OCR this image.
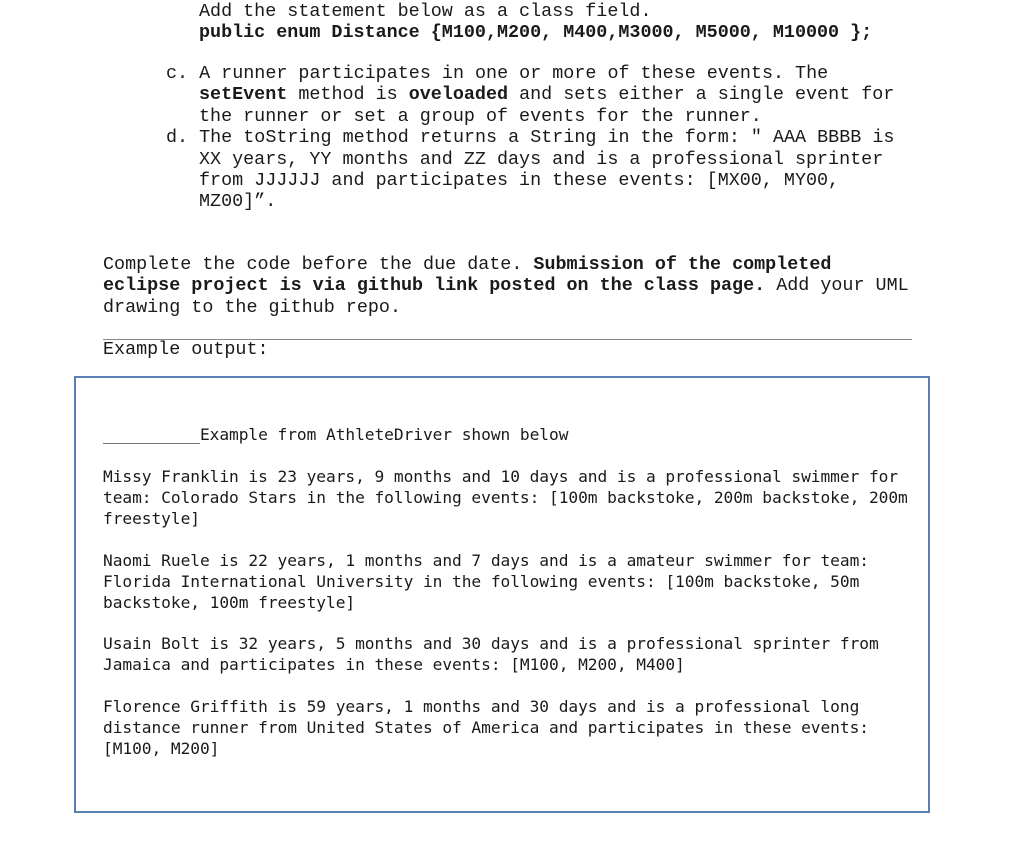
Add the statement below as a class field.
public enum Distance {M100,M200, M400,M3000, M5000, M10000 };
c. A runner participates in one or more of these events. The
setEvent method is oveloaded and sets either a single event for
the runner or set a group of events for the runner.
d. The toString method returns a String in the form: " AAA BBBB is
XX years, YY months and ZZ days and is a professional sprinter
from JJJJJJ and participates in these events: [MX00, MY00,
MZ00]”.
Complete the code before the due date. Submission of the completed
eclipse project is via github link posted on the class page. Add your UML
drawing to the github repo.
Example output:
__________Example from AthleteDriver shown below
Missy Franklin is 23 years, 9 months and 10 days and is a professional swimmer for
team: Colorado Stars in the following events: [100m backstoke, 200m backstoke, 200m
freestyle]
Naomi Ruele is 22 years, 1 months and 7 days and is a amateur swimmer for team:
Florida International University in the following events: [100m backstoke, 50m
backstoke, 100m freestyle]
Usain Bolt is 32 years, 5 months and 30 days and is a professional sprinter from
Jamaica and participates in these events: [M100, M200, M400]
Florence Griffith is 59 years, 1 months and 30 days and is a professional long
distance runner from United States of America and participates in these events:
[M100, M200]
